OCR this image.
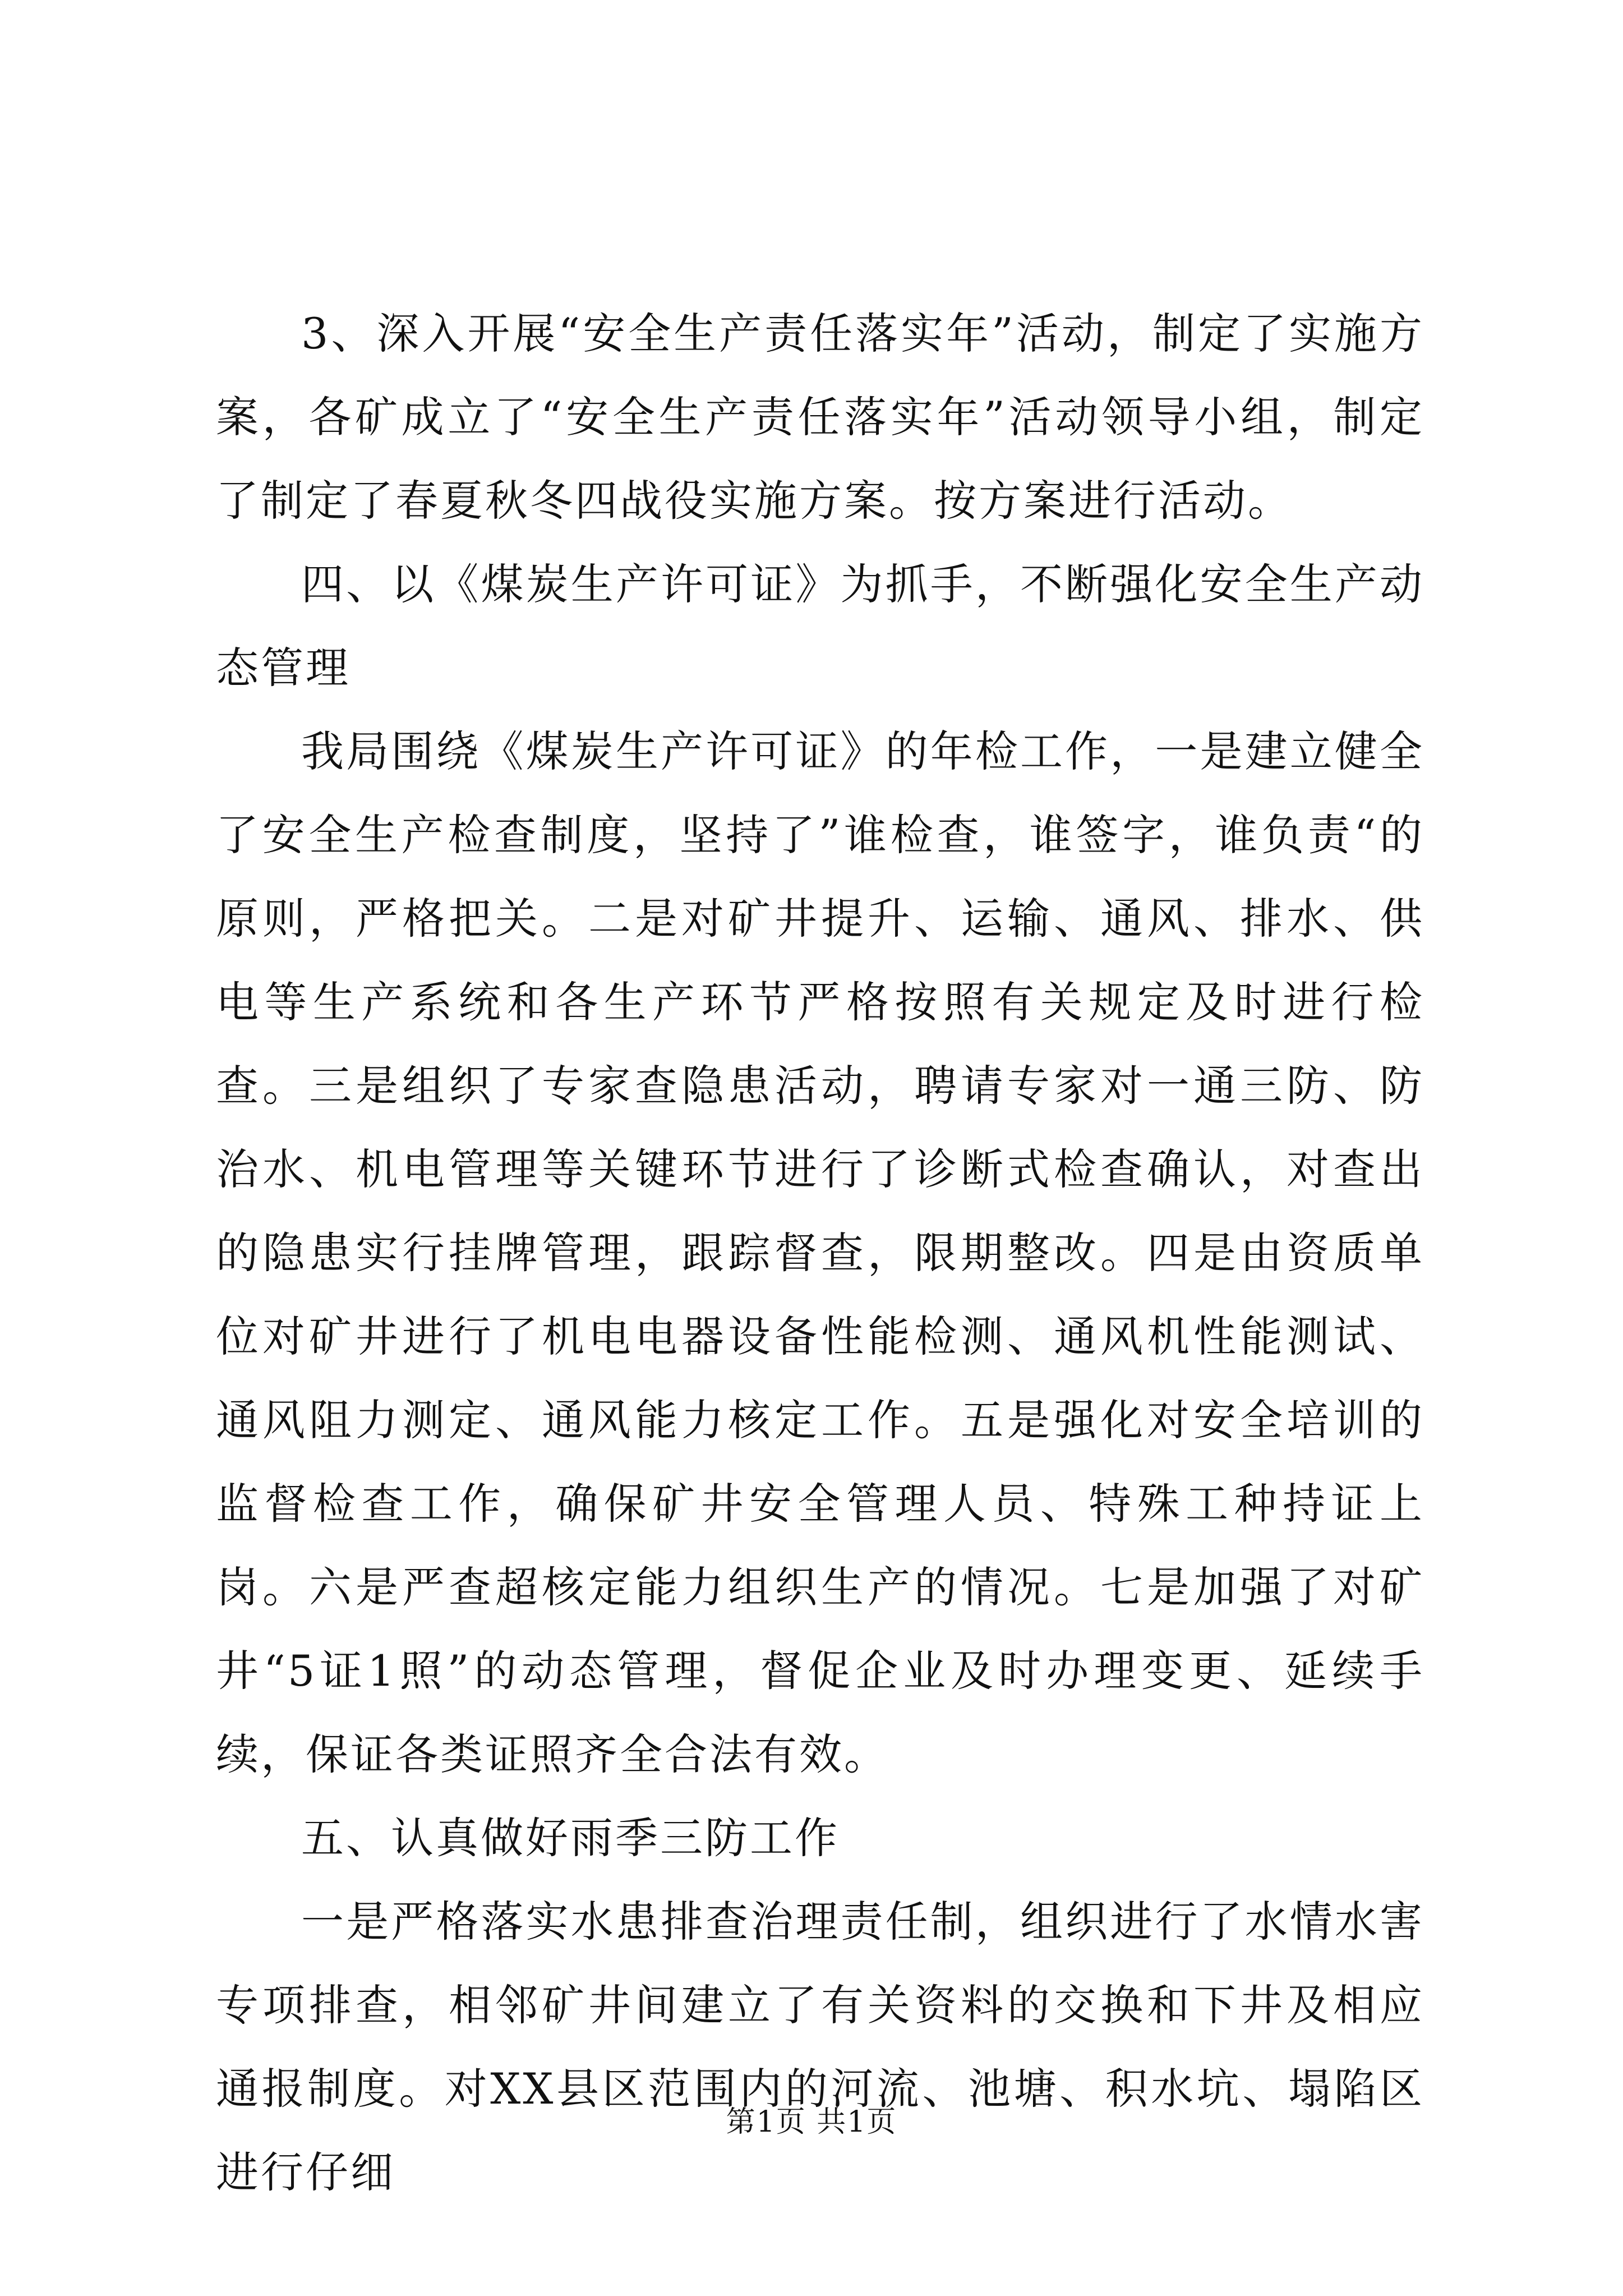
3、深入开展“安全生产责任落实年”活动，制定了实施方案，各矿成立了“安全生产责任落实年”活动领导小组，制定了制定了春夏秋冬四战役实施方案。按方案进行活动。

四、以《煤炭生产许可证》为抓手，不断强化安全生产动态管理

我局围绕《煤炭生产许可证》的年检工作，一是建立健全了安全生产检查制度，坚持了”谁检查，谁签字，谁负责“的原则，严格把关。二是对矿井提升、运输、通风、排水、供电等生产系统和各生产环节严格按照有关规定及时进行检查。三是组织了专家查隐患活动，聘请专家对一通三防、防治水、机电管理等关键环节进行了诊断式检查确认，对查出的隐患实行挂牌管理，跟踪督查，限期整改。四是由资质单位对矿井进行了机电电器设备性能检测、通风机性能测试、通风阻力测定、通风能力核定工作。五是强化对安全培训的监督检查工作，确保矿井安全管理人员、特殊工种持证上岗。六是严查超核定能力组织生产的情况。七是加强了对矿井“5证1照”的动态管理，督促企业及时办理变更、延续手续，保证各类证照齐全合法有效。

五、认真做好雨季三防工作

一是严格落实水患排查治理责任制，组织进行了水情水害专项排查，相邻矿井间建立了有关资料的交换和下井及相应通报制度。对XX县区范围内的河流、池塘、积水坑、塌陷区进行仔细

第1页 共1页
